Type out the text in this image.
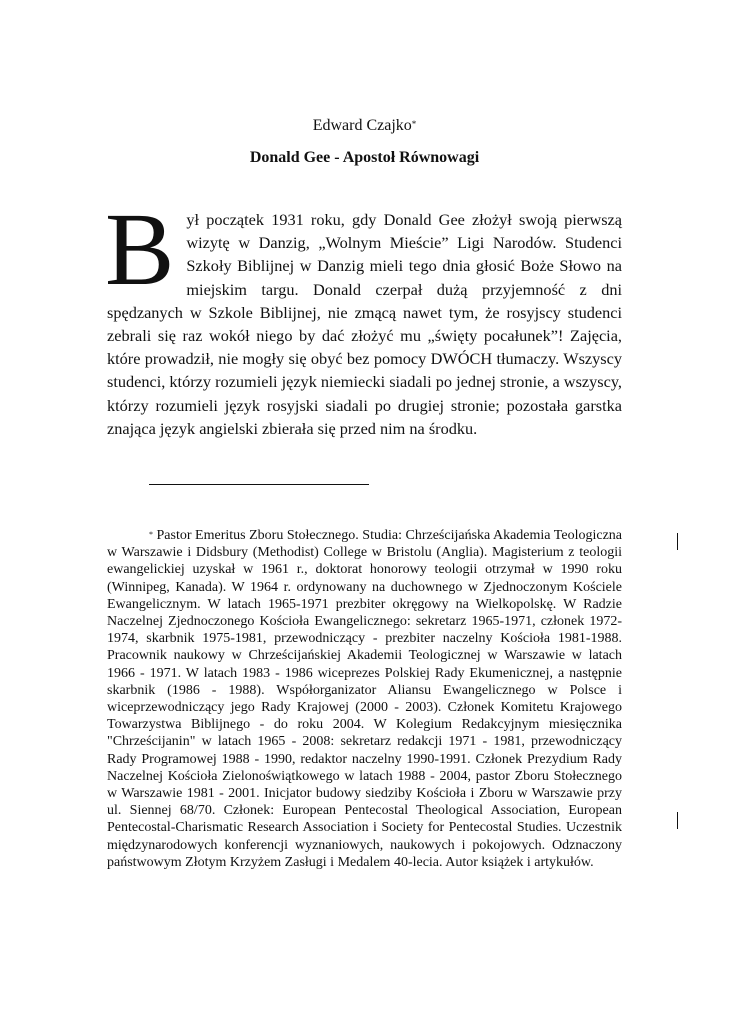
Edward Czajko*

Donald Gee - Apostoł Równowagi

Był początek 1931 roku, gdy Donald Gee złożył swoją pierwszą wizytę w Danzig, „Wolnym Mieście” Ligi Narodów. Studenci Szkoły Biblijnej w Danzig mieli tego dnia głosić Boże Słowo na miejskim targu. Donald czerpał dużą przyjemność z dni spędzanych w Szkole Biblijnej, nie zmącą nawet tym, że rosyjscy studenci zebrali się raz wokół niego by dać złożyć mu „święty pocałunek”! Zajęcia, które prowadził, nie mogły się obyć bez pomocy DWÓCH tłumaczy. Wszyscy studenci, którzy rozumieli język niemiecki siadali po jednej stronie, a wszyscy, którzy rozumieli język rosyjski siadali po drugiej stronie; pozostała garstka znająca język angielski zbierała się przed nim na środku.

* Pastor Emeritus Zboru Stołecznego. Studia: Chrześcijańska Akademia Teologiczna w Warszawie i Didsbury (Methodist) College w Bristolu (Anglia). Magisterium z teologii ewangelickiej uzyskał w 1961 r., doktorat honorowy teologii otrzymał w 1990 roku (Winnipeg, Kanada). W 1964 r. ordynowany na duchownego w Zjednoczonym Kościele Ewangelicznym. W latach 1965-1971 prezbiter okręgowy na Wielkopolskę. W Radzie Naczelnej Zjednoczonego Kościoła Ewangelicznego: sekretarz 1965-1971, członek 1972-1974, skarbnik 1975-1981, przewodniczący - prezbiter naczelny Kościoła 1981-1988. Pracownik naukowy w Chrześcijańskiej Akademii Teologicznej w Warszawie w latach 1966 - 1971. W latach 1983 - 1986 wiceprezes Polskiej Rady Ekumenicznej, a następnie skarbnik (1986 - 1988). Współorganizator Aliansu Ewangelicznego w Polsce i wiceprzewodniczący jego Rady Krajowej (2000 - 2003). Członek Komitetu Krajowego Towarzystwa Biblijnego - do roku 2004. W Kolegium Redakcyjnym miesięcznika "Chrześcijanin" w latach 1965 - 2008: sekretarz redakcji 1971 - 1981, przewodniczący Rady Programowej 1988 - 1990, redaktor naczelny 1990-1991. Członek Prezydium Rady Naczelnej Kościoła Zielonoświątkowego w latach 1988 - 2004, pastor Zboru Stołecznego w Warszawie 1981 - 2001. Inicjator budowy siedziby Kościoła i Zboru w Warszawie przy ul. Siennej 68/70. Członek: European Pentecostal Theological Association, European Pentecostal-Charismatic Research Association i Society for Pentecostal Studies. Uczestnik międzynarodowych konferencji wyznaniowych, naukowych i pokojowych. Odznaczony państwowym Złotym Krzyżem Zasługi i Medalem 40-lecia. Autor książek i artykułów.
